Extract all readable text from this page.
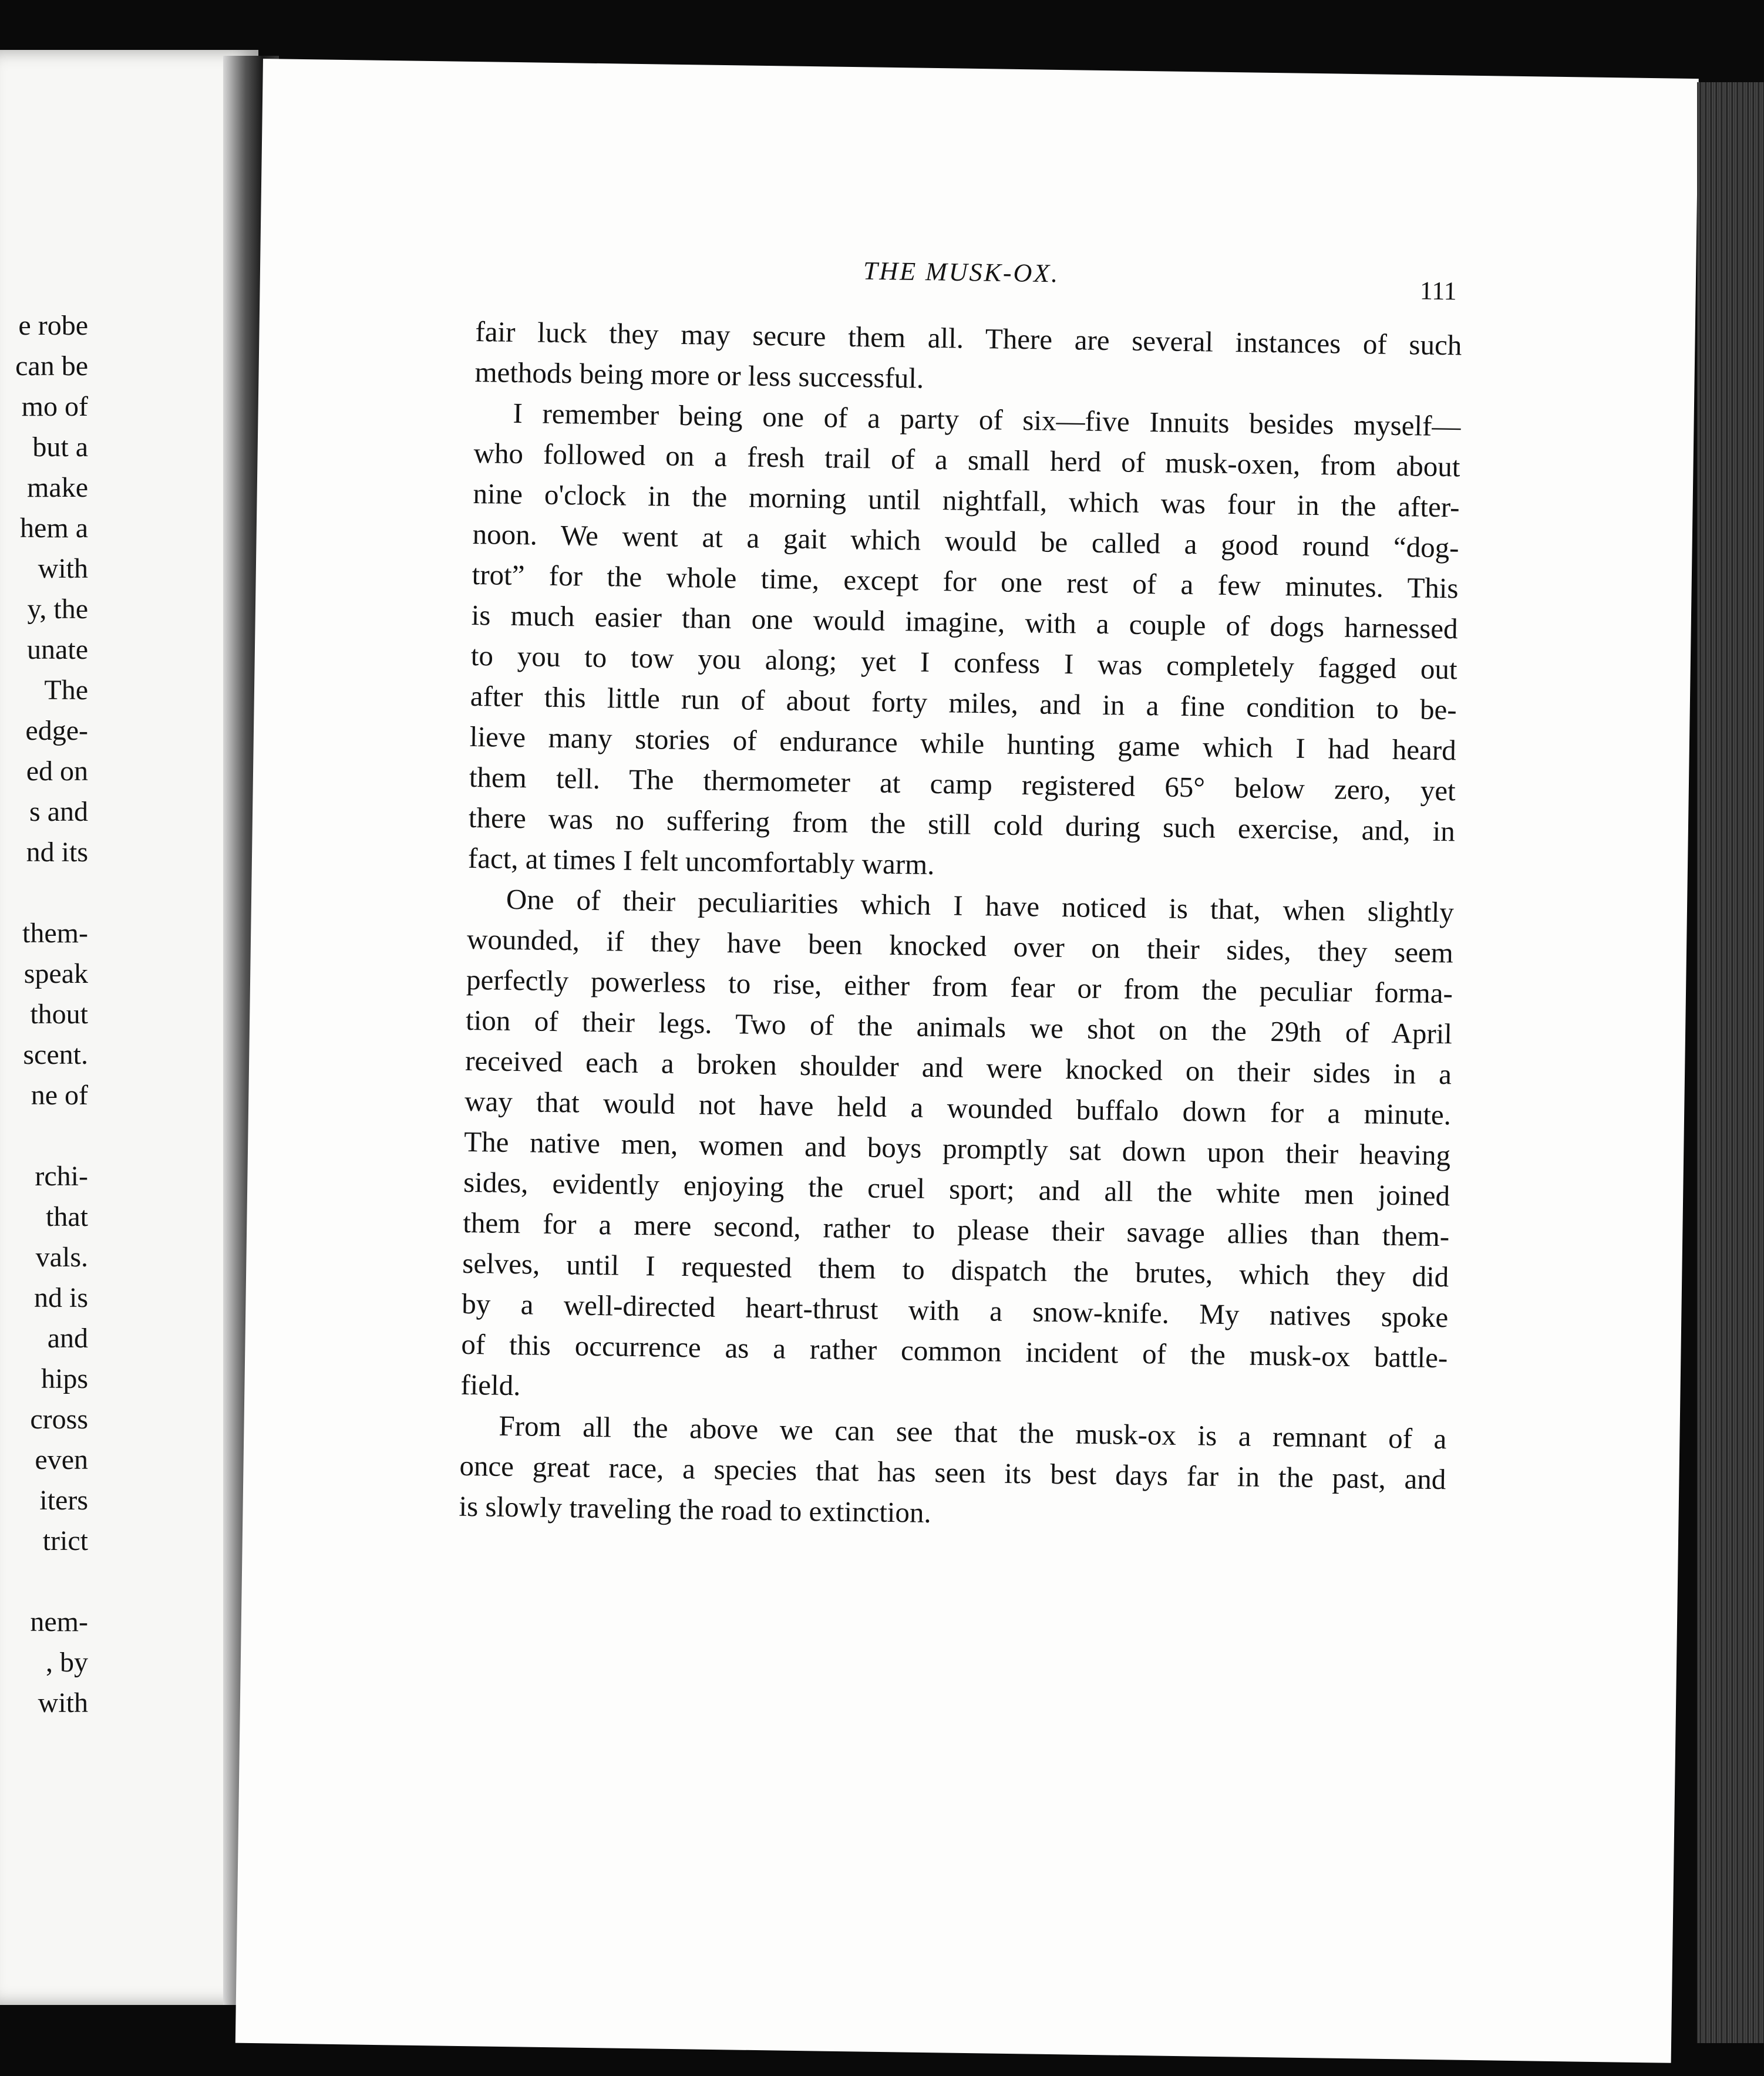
e robe
can be
mo of
but a
make
hem a
with
y, the
unate
The
edge-
ed on
s and
nd its
them-
speak
thout
scent.
ne of
rchi-
that
vals.
nd is
and
hips
cross
even
iters
trict
nem-
, by
with
THE MUSK-OX.
111
fair luck they may secure them all. There are several instances of such
methods being more or less successful.
I remember being one of a party of six—five Innuits besides myself—
who followed on a fresh trail of a small herd of musk-oxen, from about
nine o'clock in the morning until nightfall, which was four in the after-
noon. We went at a gait which would be called a good round “dog-
trot” for the whole time, except for one rest of a few minutes. This
is much easier than one would imagine, with a couple of dogs harnessed
to you to tow you along; yet I confess I was completely fagged out
after this little run of about forty miles, and in a fine condition to be-
lieve many stories of endurance while hunting game which I had heard
them tell. The thermometer at camp registered 65° below zero, yet
there was no suffering from the still cold during such exercise, and, in
fact, at times I felt uncomfortably warm.
One of their peculiarities which I have noticed is that, when slightly
wounded, if they have been knocked over on their sides, they seem
perfectly powerless to rise, either from fear or from the peculiar forma-
tion of their legs. Two of the animals we shot on the 29th of April
received each a broken shoulder and were knocked on their sides in a
way that would not have held a wounded buffalo down for a minute.
The native men, women and boys promptly sat down upon their heaving
sides, evidently enjoying the cruel sport; and all the white men joined
them for a mere second, rather to please their savage allies than them-
selves, until I requested them to dispatch the brutes, which they did
by a well-directed heart-thrust with a snow-knife. My natives spoke
of this occurrence as a rather common incident of the musk-ox battle-
field.
From all the above we can see that the musk-ox is a remnant of a
once great race, a species that has seen its best days far in the past, and
is slowly traveling the road to extinction.
